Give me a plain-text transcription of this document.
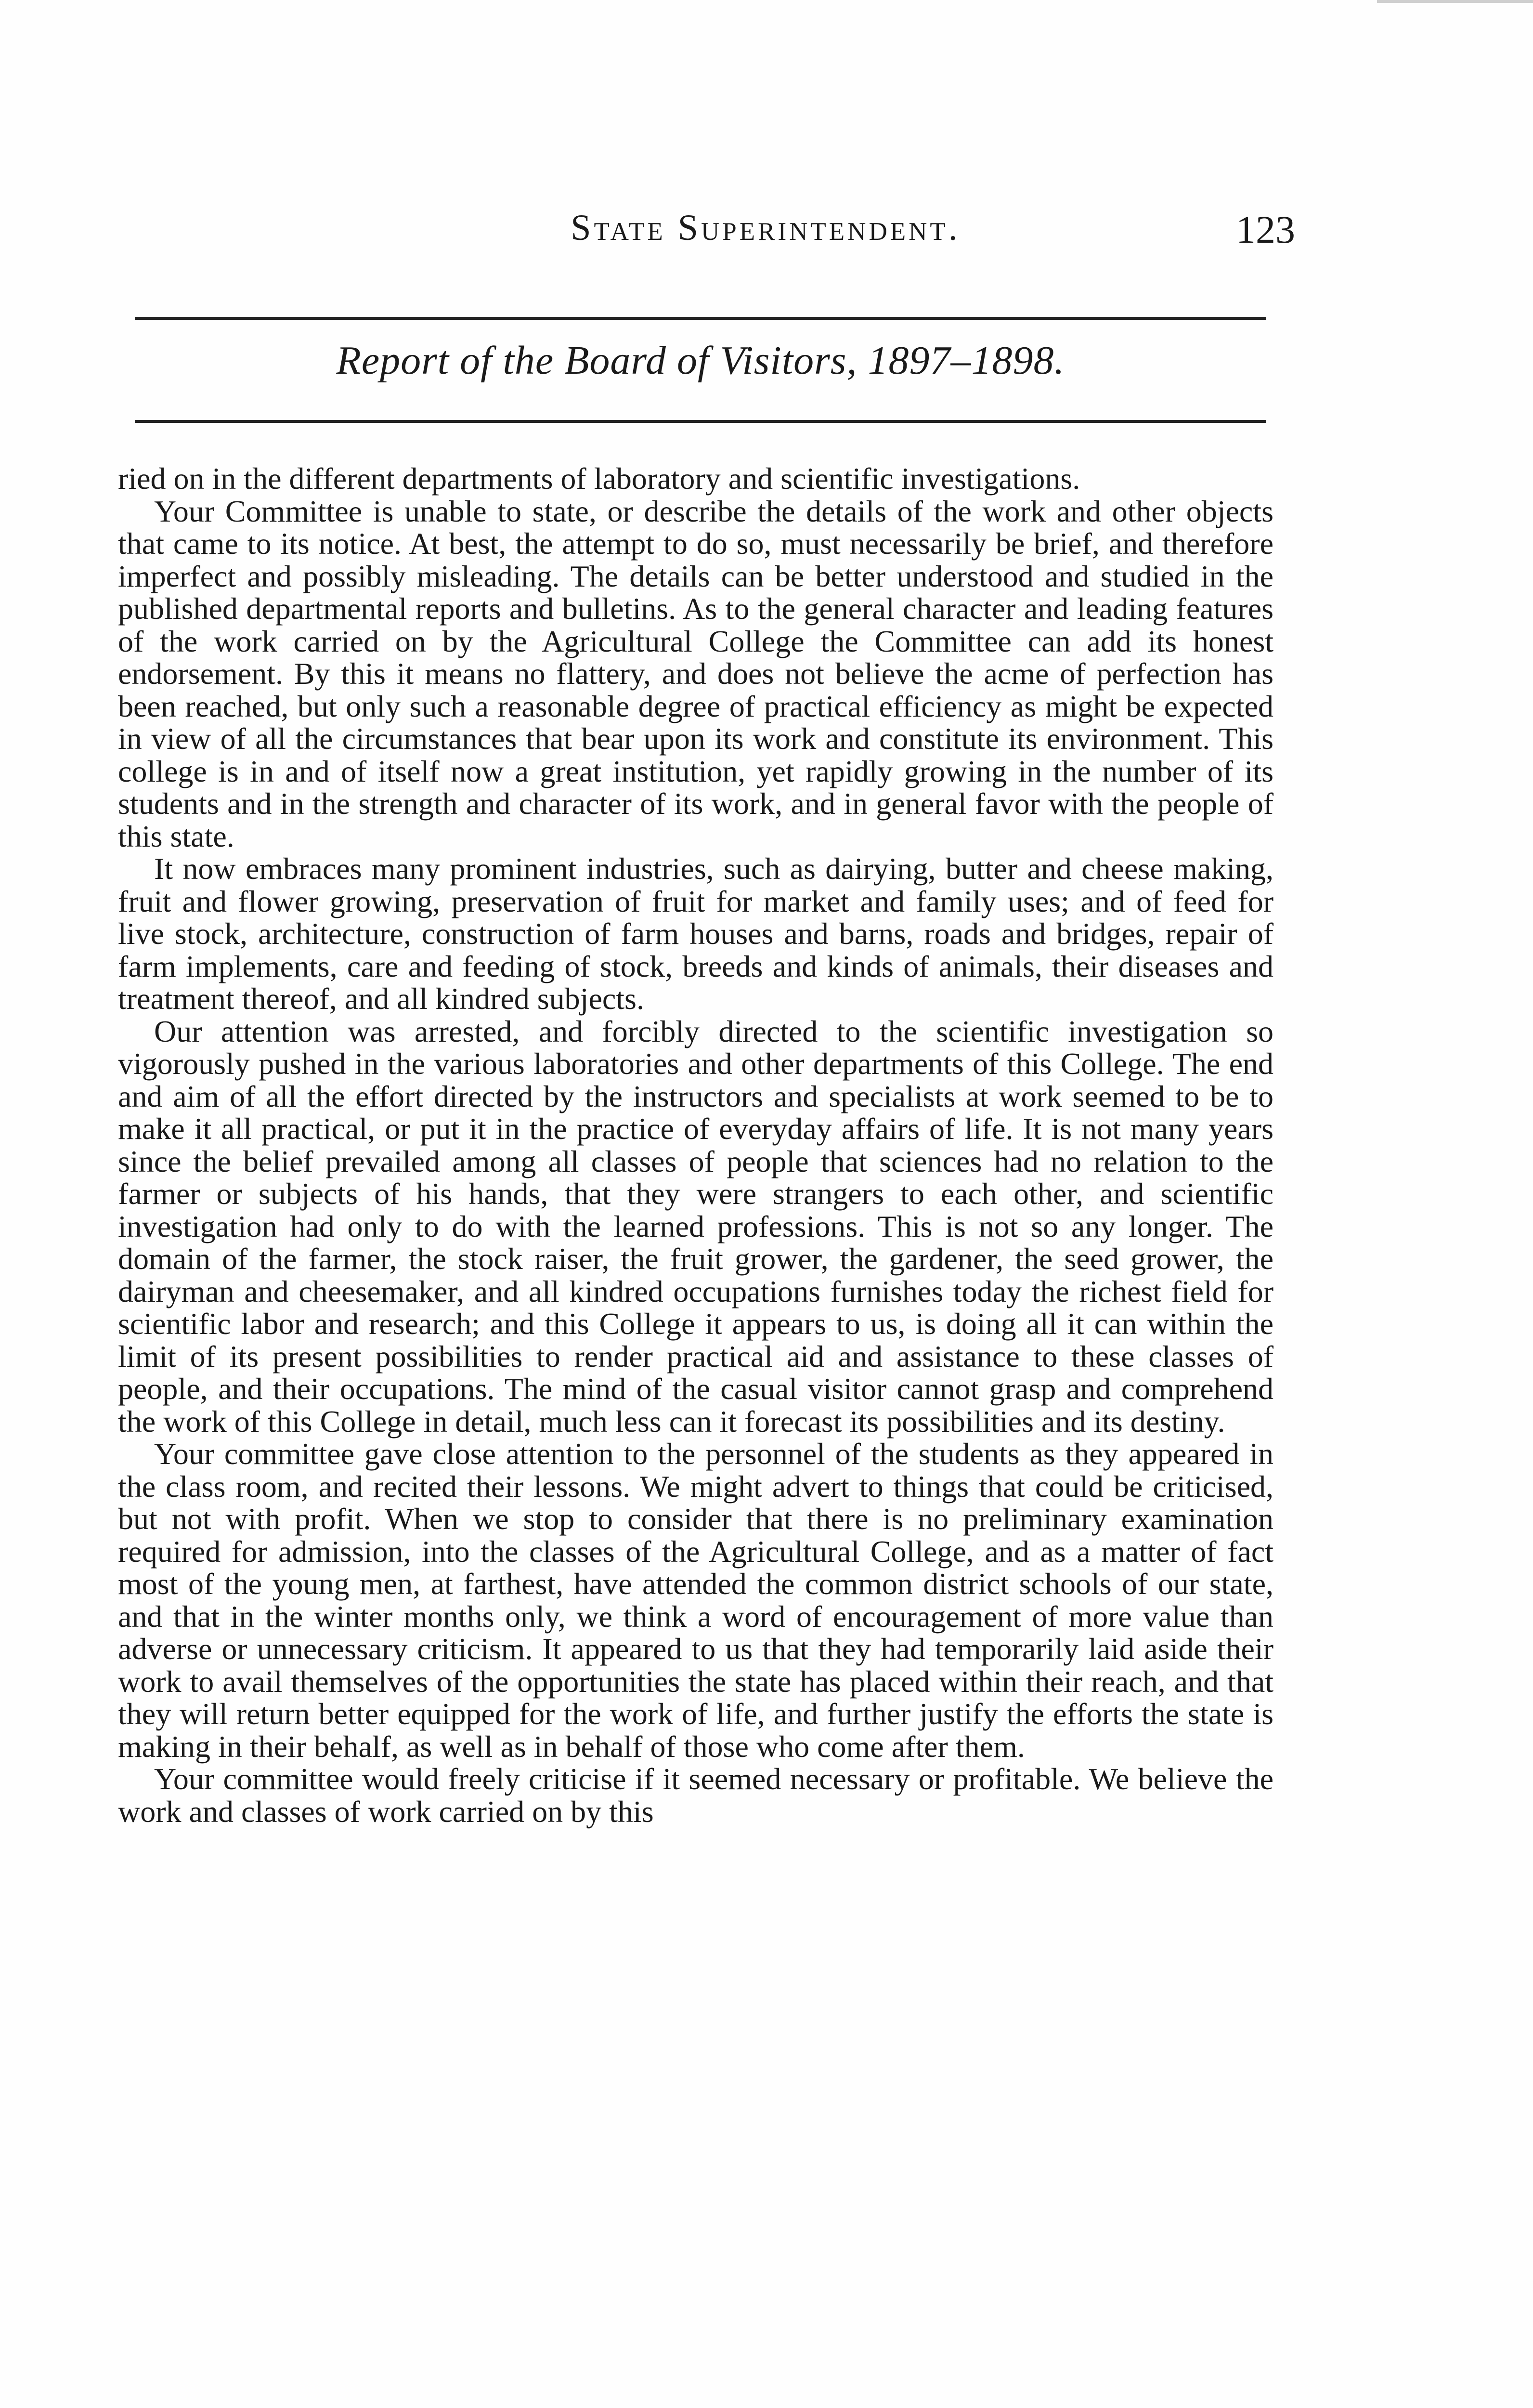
State Superintendent.	123
Report of the Board of Visitors, 1897–1898.

ried on in the different departments of laboratory and scientific investigations.

Your Committee is unable to state, or describe the details of the work and other objects that came to its notice. At best, the attempt to do so, must necessarily be brief, and therefore imperfect and possibly misleading. The details can be better understood and studied in the published departmental reports and bulletins. As to the general character and leading features of the work carried on by the Agricultural College the Committee can add its honest endorsement. By this it means no flattery, and does not believe the acme of perfection has been reached, but only such a reasonable degree of practical efficiency as might be expected in view of all the circumstances that bear upon its work and constitute its environment. This college is in and of itself now a great institution, yet rapidly growing in the number of its students and in the strength and character of its work, and in general favor with the people of this state.

It now embraces many prominent industries, such as dairying, butter and cheese making, fruit and flower growing, preservation of fruit for market and family uses; and of feed for live stock, architecture, construction of farm houses and barns, roads and bridges, repair of farm implements, care and feeding of stock, breeds and kinds of animals, their diseases and treatment thereof, and all kindred subjects.

Our attention was arrested, and forcibly directed to the scientific investigation so vigorously pushed in the various laboratories and other departments of this College. The end and aim of all the effort directed by the instructors and specialists at work seemed to be to make it all practical, or put it in the practice of everyday affairs of life. It is not many years since the belief prevailed among all classes of people that sciences had no relation to the farmer or subjects of his hands, that they were strangers to each other, and scientific investigation had only to do with the learned professions. This is not so any longer. The domain of the farmer, the stock raiser, the fruit grower, the gardener, the seed grower, the dairyman and cheesemaker, and all kindred occupations furnishes today the richest field for scientific labor and research; and this College it appears to us, is doing all it can within the limit of its present possibilities to render practical aid and assistance to these classes of people, and their occupations. The mind of the casual visitor cannot grasp and comprehend the work of this College in detail, much less can it forecast its possibilities and its destiny.

Your committee gave close attention to the personnel of the students as they appeared in the class room, and recited their lessons. We might advert to things that could be criticised, but not with profit. When we stop to consider that there is no preliminary examination required for admission, into the classes of the Agricultural College, and as a matter of fact most of the young men, at farthest, have attended the common district schools of our state, and that in the winter months only, we think a word of encouragement of more value than adverse or unnecessary criticism. It appeared to us that they had temporarily laid aside their work to avail themselves of the opportunities the state has placed within their reach, and that they will return better equipped for the work of life, and further justify the efforts the state is making in their behalf, as well as in behalf of those who come after them.

Your committee would freely criticise if it seemed necessary or profitable. We believe the work and classes of work carried on by this
